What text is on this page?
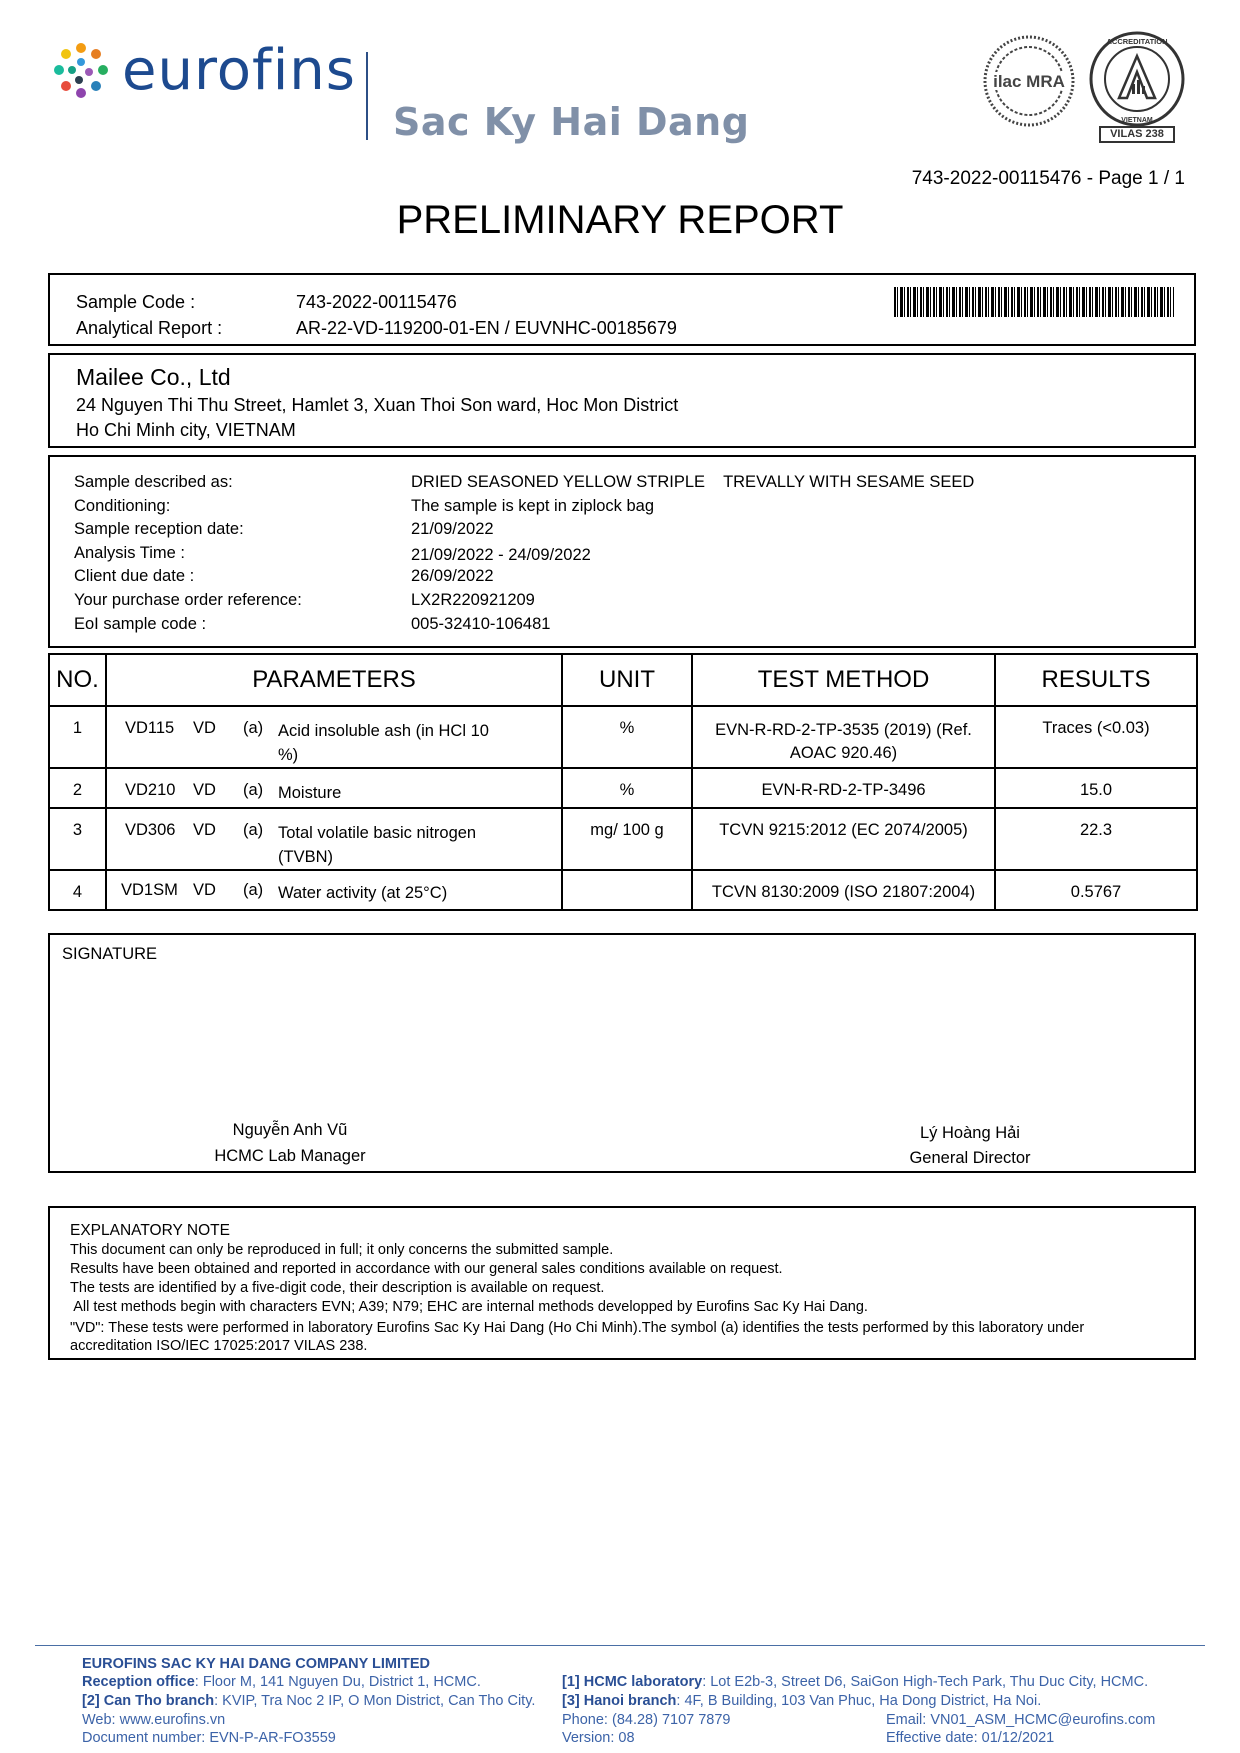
eurofins
Sac Ky Hai Dang
ilac MRA
ACCREDITATION
VIETNAM
VILAS 238
743-2022-00115476 - Page 1 / 1
PRELIMINARY REPORT
Sample Code :	743-2022-00115476
Analytical Report :	AR-22-VD-119200-01-EN / EUVNHC-00185679
Mailee Co., Ltd
24 Nguyen Thi Thu Street, Hamlet 3, Xuan Thoi Son ward, Hoc Mon District
Ho Chi Minh city, VIETNAM
Sample described as:	DRIED SEASONED YELLOW STRIPLE    TREVALLY WITH SESAME SEED
Conditioning:	The sample is kept in ziplock bag
Sample reception date:	21/09/2022
Analysis Time :	21/09/2022 - 24/09/2022
Client due date :	26/09/2022
Your purchase order reference:	LX2R220921209
EoI sample code :	005-32410-106481
NO.	PARAMETERS	UNIT	TEST METHOD	RESULTS
1	VD115 VD (a) Acid insoluble ash (in HCl 10 %)	%	EVN-R-RD-2-TP-3535 (2019) (Ref. AOAC 920.46)	Traces (<0.03)
2	VD210 VD (a) Moisture	%	EVN-R-RD-2-TP-3496	15.0
3	VD306 VD (a) Total volatile basic nitrogen (TVBN)	mg/ 100 g	TCVN 9215:2012 (EC 2074/2005)	22.3
4	VD1SM VD (a) Water activity (at 25°C)		TCVN 8130:2009 (ISO 21807:2004)	0.5767
SIGNATURE
Nguyễn Anh Vũ
HCMC Lab Manager
Lý Hoàng Hải
General Director
EXPLANATORY NOTE
This document can only be reproduced in full; it only concerns the submitted sample.
Results have been obtained and reported in accordance with our general sales conditions available on request.
The tests are identified by a five-digit code, their description is available on request.
All test methods begin with characters EVN; A39; N79; EHC are internal methods developped by Eurofins Sac Ky Hai Dang.
"VD": These tests were performed in laboratory Eurofins Sac Ky Hai Dang (Ho Chi Minh).The symbol (a) identifies the tests performed by this laboratory under
accreditation ISO/IEC 17025:2017 VILAS 238.
EUROFINS SAC KY HAI DANG COMPANY LIMITED
Reception office: Floor M, 141 Nguyen Du, District 1, HCMC.
[2] Can Tho branch: KVIP, Tra Noc 2 IP, O Mon District, Can Tho City.
Web: www.eurofins.vn
Document number: EVN-P-AR-FO3559
[1] HCMC laboratory: Lot E2b-3, Street D6, SaiGon High-Tech Park, Thu Duc City, HCMC.
[3] Hanoi branch: 4F, B Building, 103 Van Phuc, Ha Dong District, Ha Noi.
Phone: (84.28) 7107 7879
Version: 08
Email: VN01_ASM_HCMC@eurofins.com
Effective date: 01/12/2021
